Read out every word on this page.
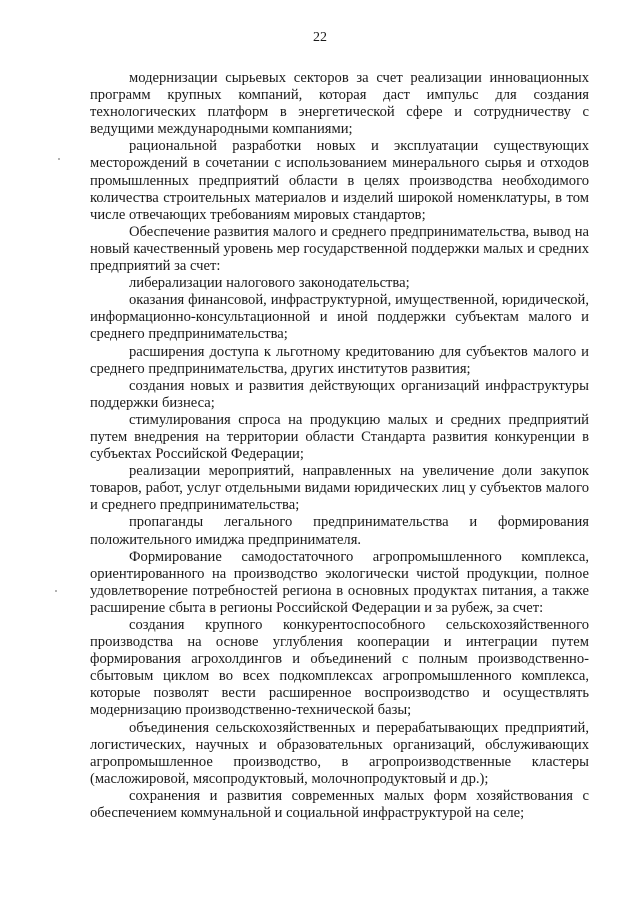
22

модернизации сырьевых секторов за счет реализации инновационных программ крупных компаний, которая даст импульс для создания технологических платформ в энергетической сфере и сотрудничеству с ведущими международными компаниями;

рациональной разработки новых и эксплуатации существующих месторождений в сочетании с использованием минерального сырья и отходов промышленных предприятий области в целях производства необходимого количества строительных материалов и изделий широкой номенклатуры, в том числе отвечающих требованиям мировых стандартов;

Обеспечение развития малого и среднего предпринимательства, вывод на новый качественный уровень мер государственной поддержки малых и средних предприятий за счет:

либерализации налогового законодательства;

оказания финансовой, инфраструктурной, имущественной, юридической, информационно-консультационной и иной поддержки субъектам малого и среднего предпринимательства;

расширения доступа к льготному кредитованию для субъектов малого и среднего предпринимательства, других институтов развития;

создания новых и развития действующих организаций инфраструктуры поддержки бизнеса;

стимулирования спроса на продукцию малых и средних предприятий путем внедрения на территории области Стандарта развития конкуренции в субъектах Российской Федерации;

реализации мероприятий, направленных на увеличение доли закупок товаров, работ, услуг отдельными видами юридических лиц у субъектов малого и среднего предпринимательства;

пропаганды легального предпринимательства и формирования положительного имиджа предпринимателя.

Формирование самодостаточного агропромышленного комплекса, ориентированного на производство экологически чистой продукции, полное удовлетворение потребностей региона в основных продуктах питания, а также расширение сбыта в регионы Российской Федерации и за рубеж, за счет:

создания крупного конкурентоспособного сельскохозяйственного производства на основе углубления кооперации и интеграции путем формирования агрохолдингов и объединений с полным производственно-сбытовым циклом во всех подкомплексах агропромышленного комплекса, которые позволят вести расширенное воспроизводство и осуществлять модернизацию производственно-технической базы;

объединения сельскохозяйственных и перерабатывающих предприятий, логистических, научных и образовательных организаций, обслуживающих агропромышленное производство, в агропроизводственные кластеры (масложировой, мясопродуктовый, молочнопродуктовый и др.);

сохранения и развития современных малых форм хозяйствования с обеспечением коммунальной и социальной инфраструктурой на селе;
